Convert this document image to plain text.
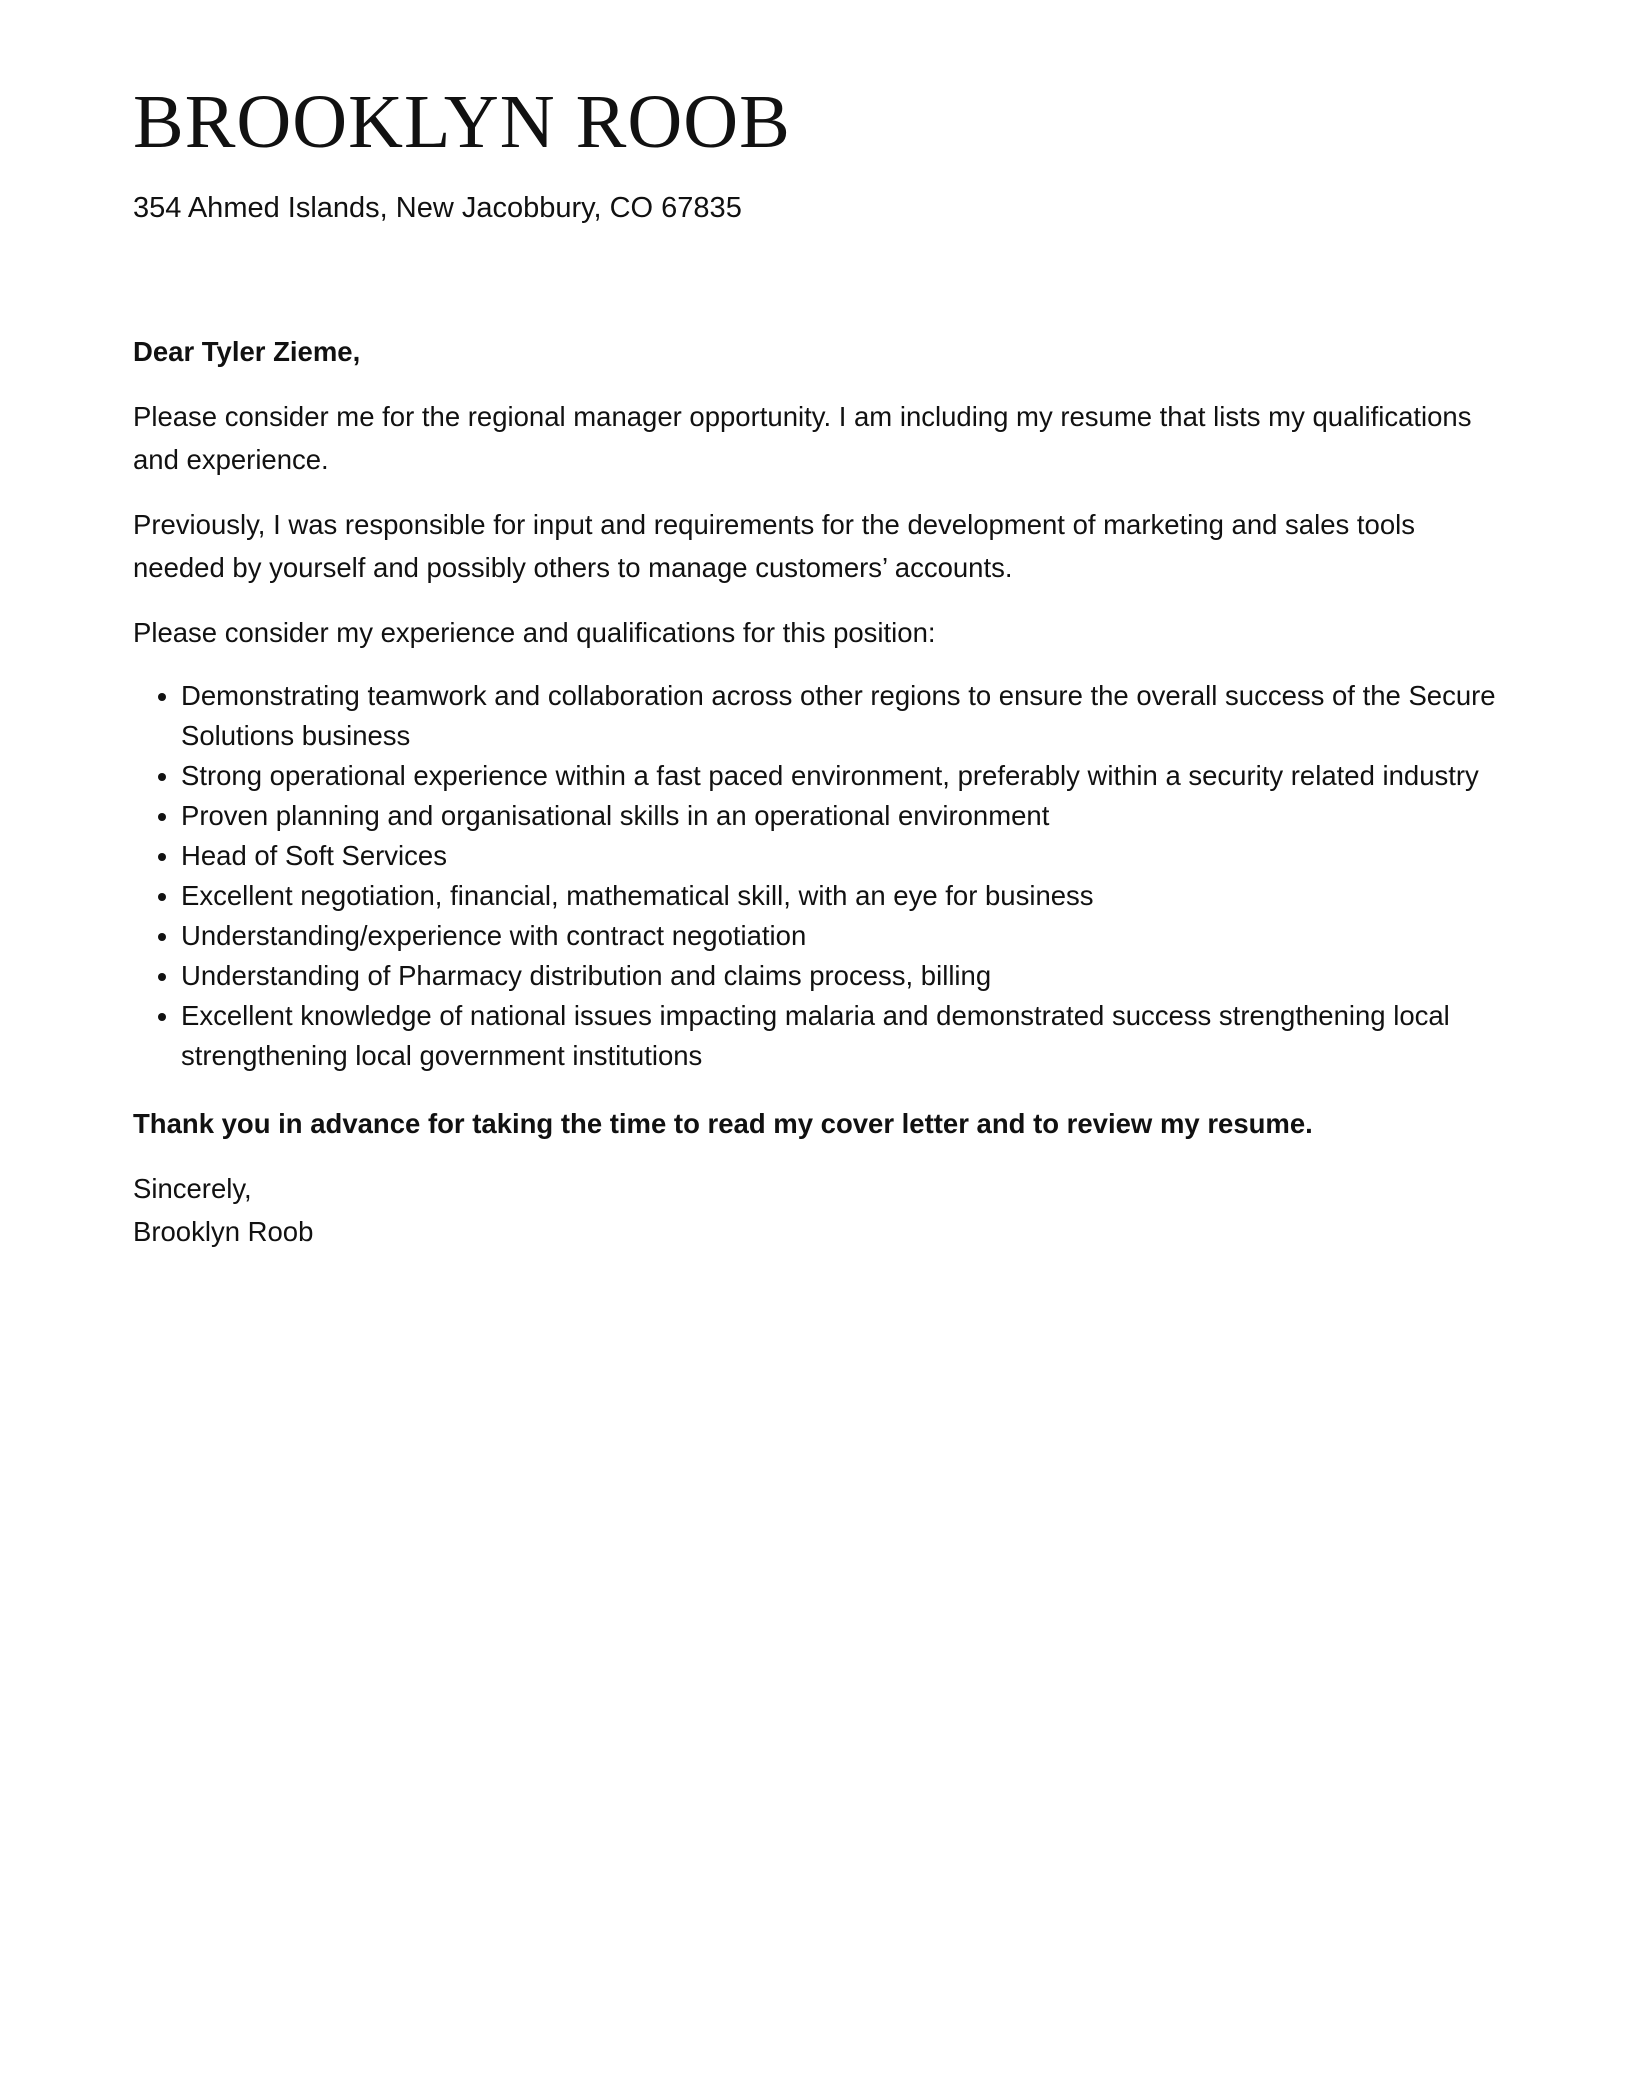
BROOKLYN ROOB
354 Ahmed Islands, New Jacobbury, CO 67835

Dear Tyler Zieme,

Please consider me for the regional manager opportunity. I am including my resume that lists my qualifications and experience.

Previously, I was responsible for input and requirements for the development of marketing and sales tools needed by yourself and possibly others to manage customers’ accounts.

Please consider my experience and qualifications for this position:

• Demonstrating teamwork and collaboration across other regions to ensure the overall success of the Secure Solutions business
• Strong operational experience within a fast paced environment, preferably within a security related industry
• Proven planning and organisational skills in an operational environment
• Head of Soft Services
• Excellent negotiation, financial, mathematical skill, with an eye for business
• Understanding/experience with contract negotiation
• Understanding of Pharmacy distribution and claims process, billing
• Excellent knowledge of national issues impacting malaria and demonstrated success strengthening local strengthening local government institutions

Thank you in advance for taking the time to read my cover letter and to review my resume.

Sincerely,

Brooklyn Roob
